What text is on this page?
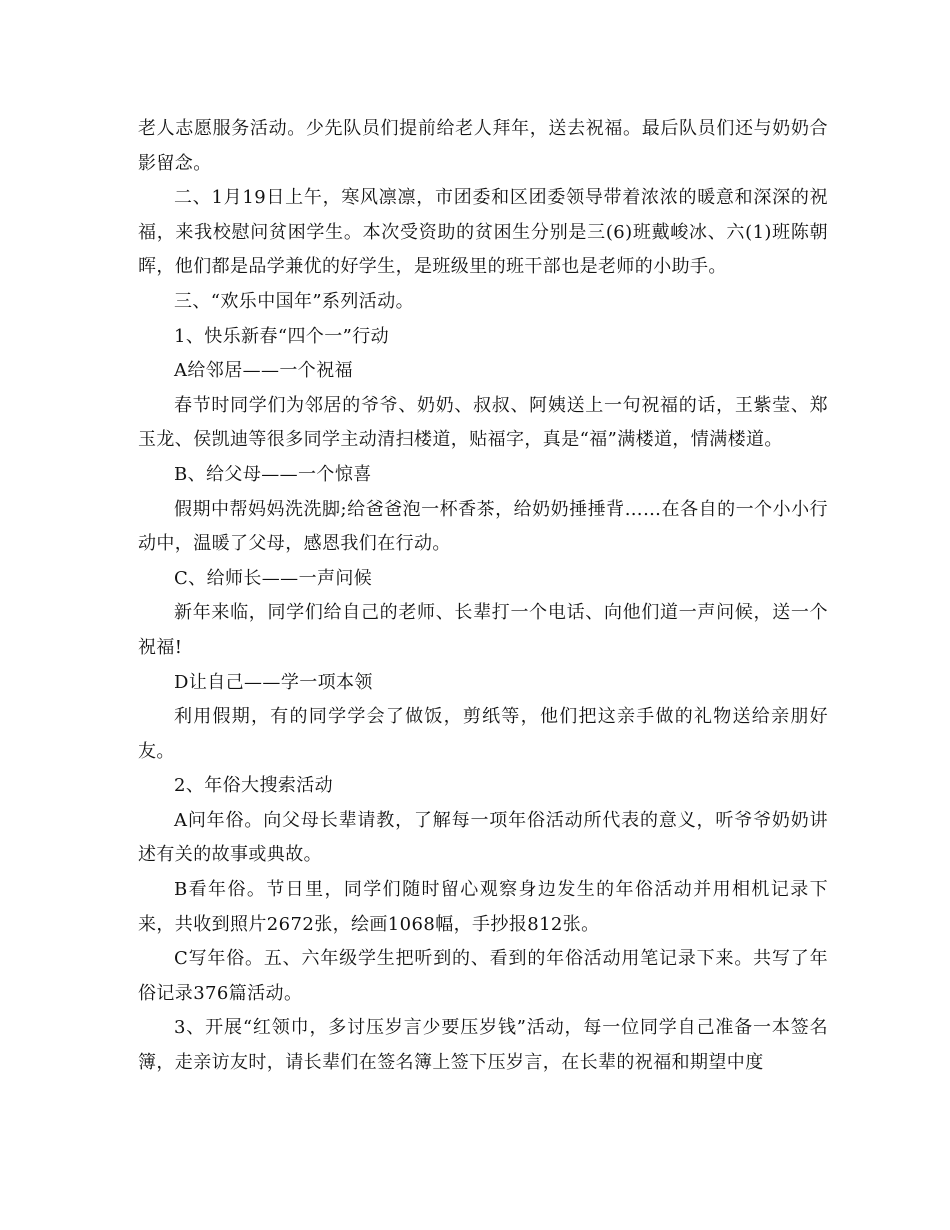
老人志愿服务活动。少先队员们提前给老人拜年，送去祝福。最后队员们还与奶奶合影留念。

二、1月19日上午，寒风凛凛，市团委和区团委领导带着浓浓的暖意和深深的祝福，来我校慰问贫困学生。本次受资助的贫困生分别是三(6)班戴峻冰、六(1)班陈朝晖，他们都是品学兼优的好学生，是班级里的班干部也是老师的小助手。

三、“欢乐中国年”系列活动。

1、快乐新春“四个一”行动

A给邻居——一个祝福

春节时同学们为邻居的爷爷、奶奶、叔叔、阿姨送上一句祝福的话，王紫莹、郑玉龙、侯凯迪等很多同学主动清扫楼道，贴福字，真是“福”满楼道，情满楼道。

B、给父母——一个惊喜

假期中帮妈妈洗洗脚;给爸爸泡一杯香茶，给奶奶捶捶背……在各自的一个小小行动中，温暖了父母，感恩我们在行动。

C、给师长——一声问候

新年来临，同学们给自己的老师、长辈打一个电话、向他们道一声问候，送一个祝福!

D让自己——学一项本领

利用假期，有的同学学会了做饭，剪纸等，他们把这亲手做的礼物送给亲朋好友。

2、年俗大搜索活动

A问年俗。向父母长辈请教，了解每一项年俗活动所代表的意义，听爷爷奶奶讲述有关的故事或典故。

B看年俗。节日里，同学们随时留心观察身边发生的年俗活动并用相机记录下来，共收到照片2672张，绘画1068幅，手抄报812张。

C写年俗。五、六年级学生把听到的、看到的年俗活动用笔记录下来。共写了年俗记录376篇活动。

3、开展“红领巾，多讨压岁言少要压岁钱”活动，每一位同学自己准备一本签名簿，走亲访友时，请长辈们在签名簿上签下压岁言，在长辈的祝福和期望中度
